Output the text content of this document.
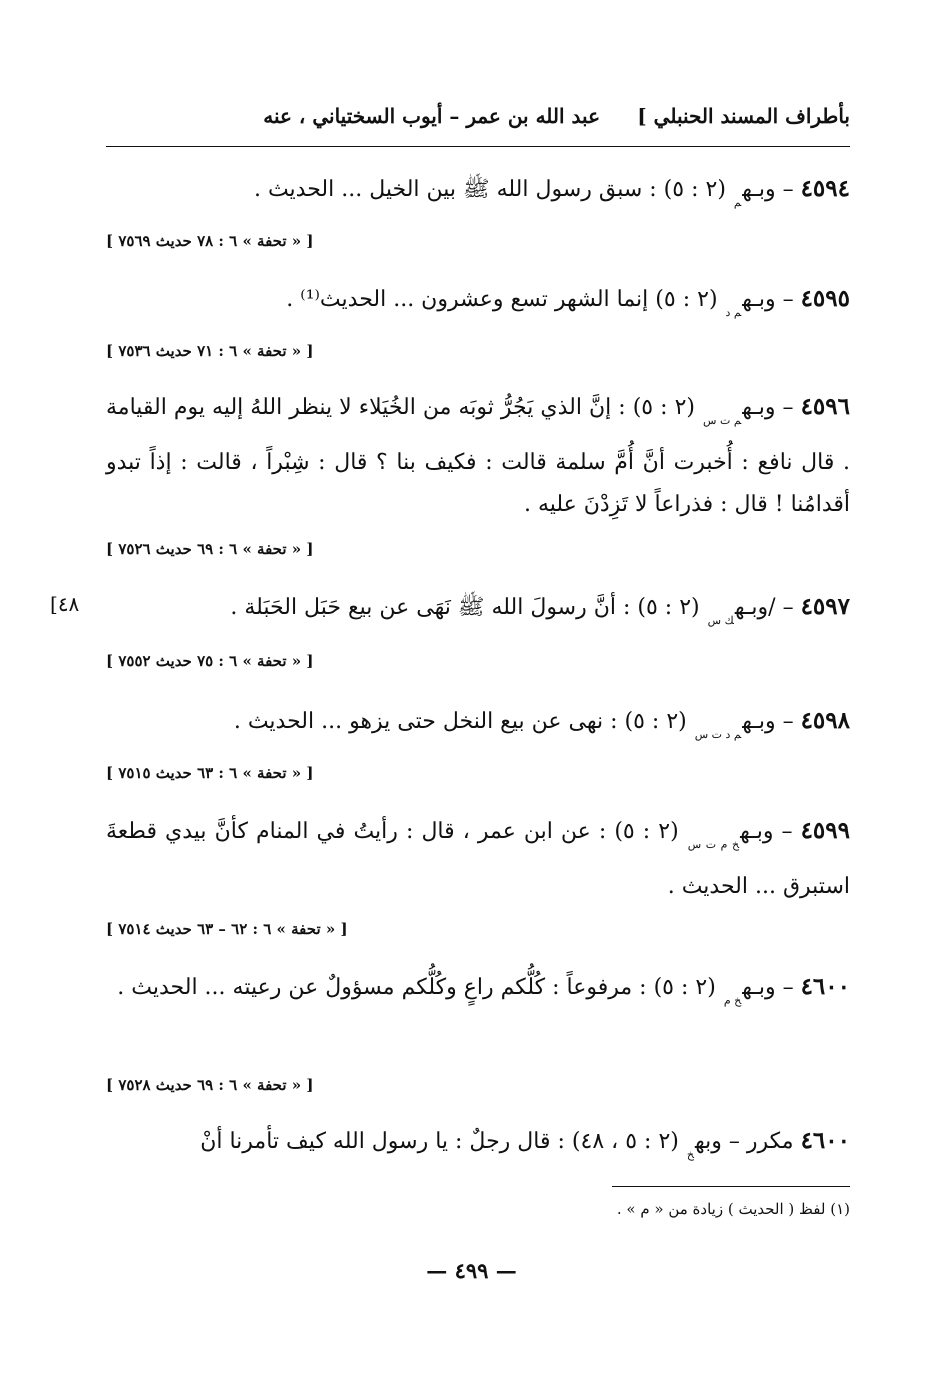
بأطراف المسند الحنبلي ]
عبد الله بن عمر – أيوب السختياني ، عنه
٤٥٩٤ – وبـه$_م$ (٢ : ٥) : سبق رسول الله ﷺ بين الخيل ... الحديث .
[ « تحفة » ٦ : ٧٨ حديث ٧٥٦٩ ]
٤٥٩٥ – وبـه$_{م د}$ (٢ : ٥) إنما الشهر تسع وعشرون ... الحديث⁽¹⁾ .
[ « تحفة » ٦ : ٧١ حديث ٧٥٣٦ ]
٤٥٩٦ – وبـه$_{م ت س}$ (٢ : ٥) : إنَّ الذي يَجُرُّ ثوبَه من الخُيَلاء لا ينظر اللهُ إليه يوم القيامة . قال نافع : أُخبرت أنَّ أُمَّ سلمة قالت : فكيف بنا ؟ قال : شِبْراً ، قالت : إذاً تبدو أقدامُنا ! قال : فذراعاً لا تَزِدْنَ عليه .
[ « تحفة » ٦ : ٦٩ حديث ٧٥٢٦ ]
٤٥٩٧ – /وبـه$_{ك س}$ (٢ : ٥) : أنَّ رسولَ الله ﷺ نَهَى عن بيع حَبَل الحَبَلة .
٤٨]
[ « تحفة » ٦ : ٧٥ حديث ٧٥٥٢ ]
٤٥٩٨ – وبـه$_{م د ت س}$ (٢ : ٥) : نهى عن بيع النخل حتى يزهو ... الحديث .
[ « تحفة » ٦ : ٦٣ حديث ٧٥١٥ ]
٤٥٩٩ – وبـه$_{خ م ت س}$ (٢ : ٥) : عن ابن عمر ، قال : رأيتُ في المنام كأنَّ بيدي قطعةَ استبرق ... الحديث .
[ « تحفة » ٦ : ٦٢ – ٦٣ حديث ٧٥١٤ ]
٤٦٠٠ – وبـه$_{خ م}$ (٢ : ٥) : مرفوعاً : كُلُّكم راعٍ وكُلُّكم مسؤولٌ عن رعيته ... الحديث .
[ « تحفة » ٦ : ٦٩ حديث ٧٥٢٨ ]
٤٦٠٠ مكرر – وبه$_خ$ (٢ : ٥ ، ٤٨) : قال رجلٌ : يا رسول الله كيف تأمرنا أنْ
(١) لفظ ( الحديث ) زيادة من « م » .
— ٤٩٩ —
